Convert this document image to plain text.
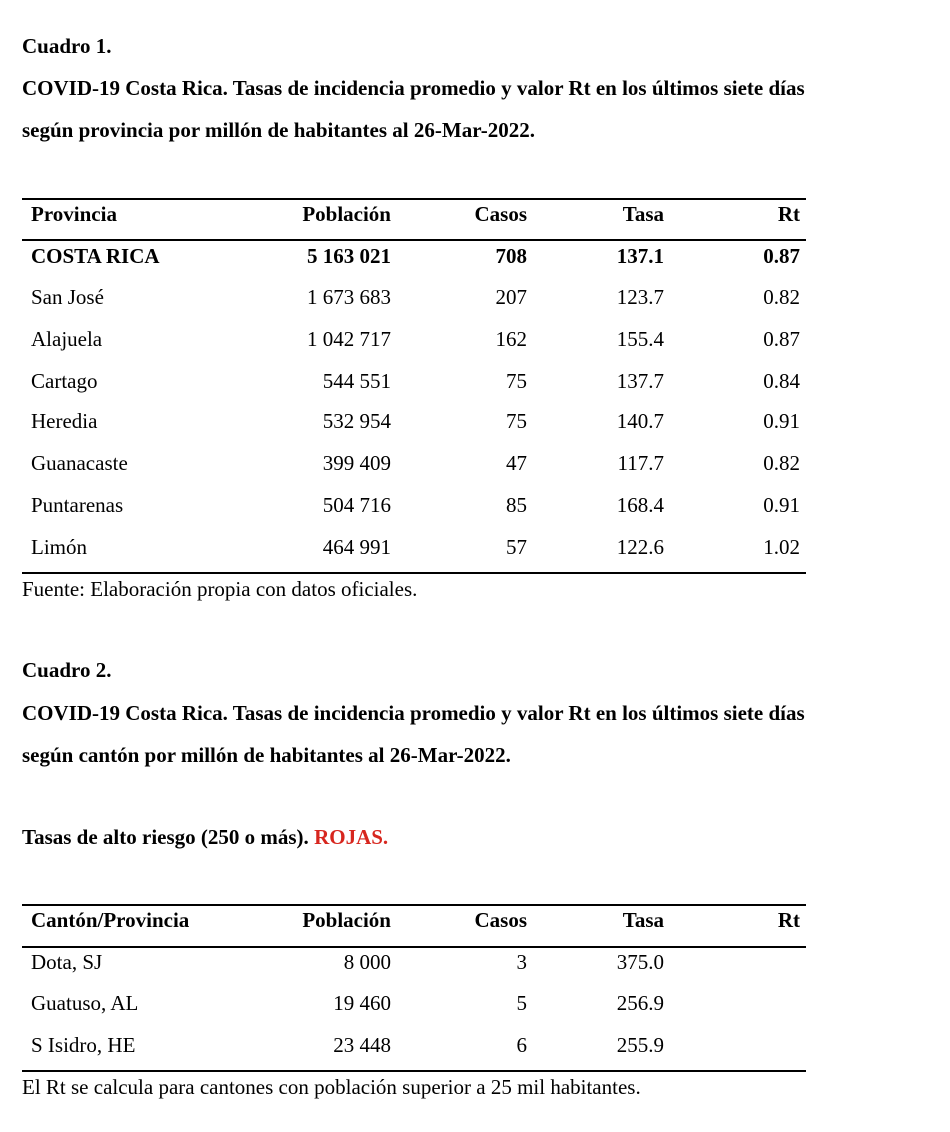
Cuadro 1.
COVID-19 Costa Rica. Tasas de incidencia promedio y valor Rt en los últimos siete días
según provincia por millón de habitantes al 26-Mar-2022.
Provincia	Población	Casos	Tasa	Rt
COSTA RICA	5 163 021	708	137.1	0.87
San José	1 673 683	207	123.7	0.82
Alajuela	1 042 717	162	155.4	0.87
Cartago	544 551	75	137.7	0.84
Heredia	532 954	75	140.7	0.91
Guanacaste	399 409	47	117.7	0.82
Puntarenas	504 716	85	168.4	0.91
Limón	464 991	57	122.6	1.02
Fuente: Elaboración propia con datos oficiales.
Cuadro 2.
COVID-19 Costa Rica. Tasas de incidencia promedio y valor Rt en los últimos siete días
según cantón por millón de habitantes al 26-Mar-2022.
Tasas de alto riesgo (250 o más). ROJAS.
Cantón/Provincia	Población	Casos	Tasa	Rt
Dota, SJ	8 000	3	375.0
Guatuso, AL	19 460	5	256.9
S Isidro, HE	23 448	6	255.9
El Rt se calcula para cantones con población superior a 25 mil habitantes.
